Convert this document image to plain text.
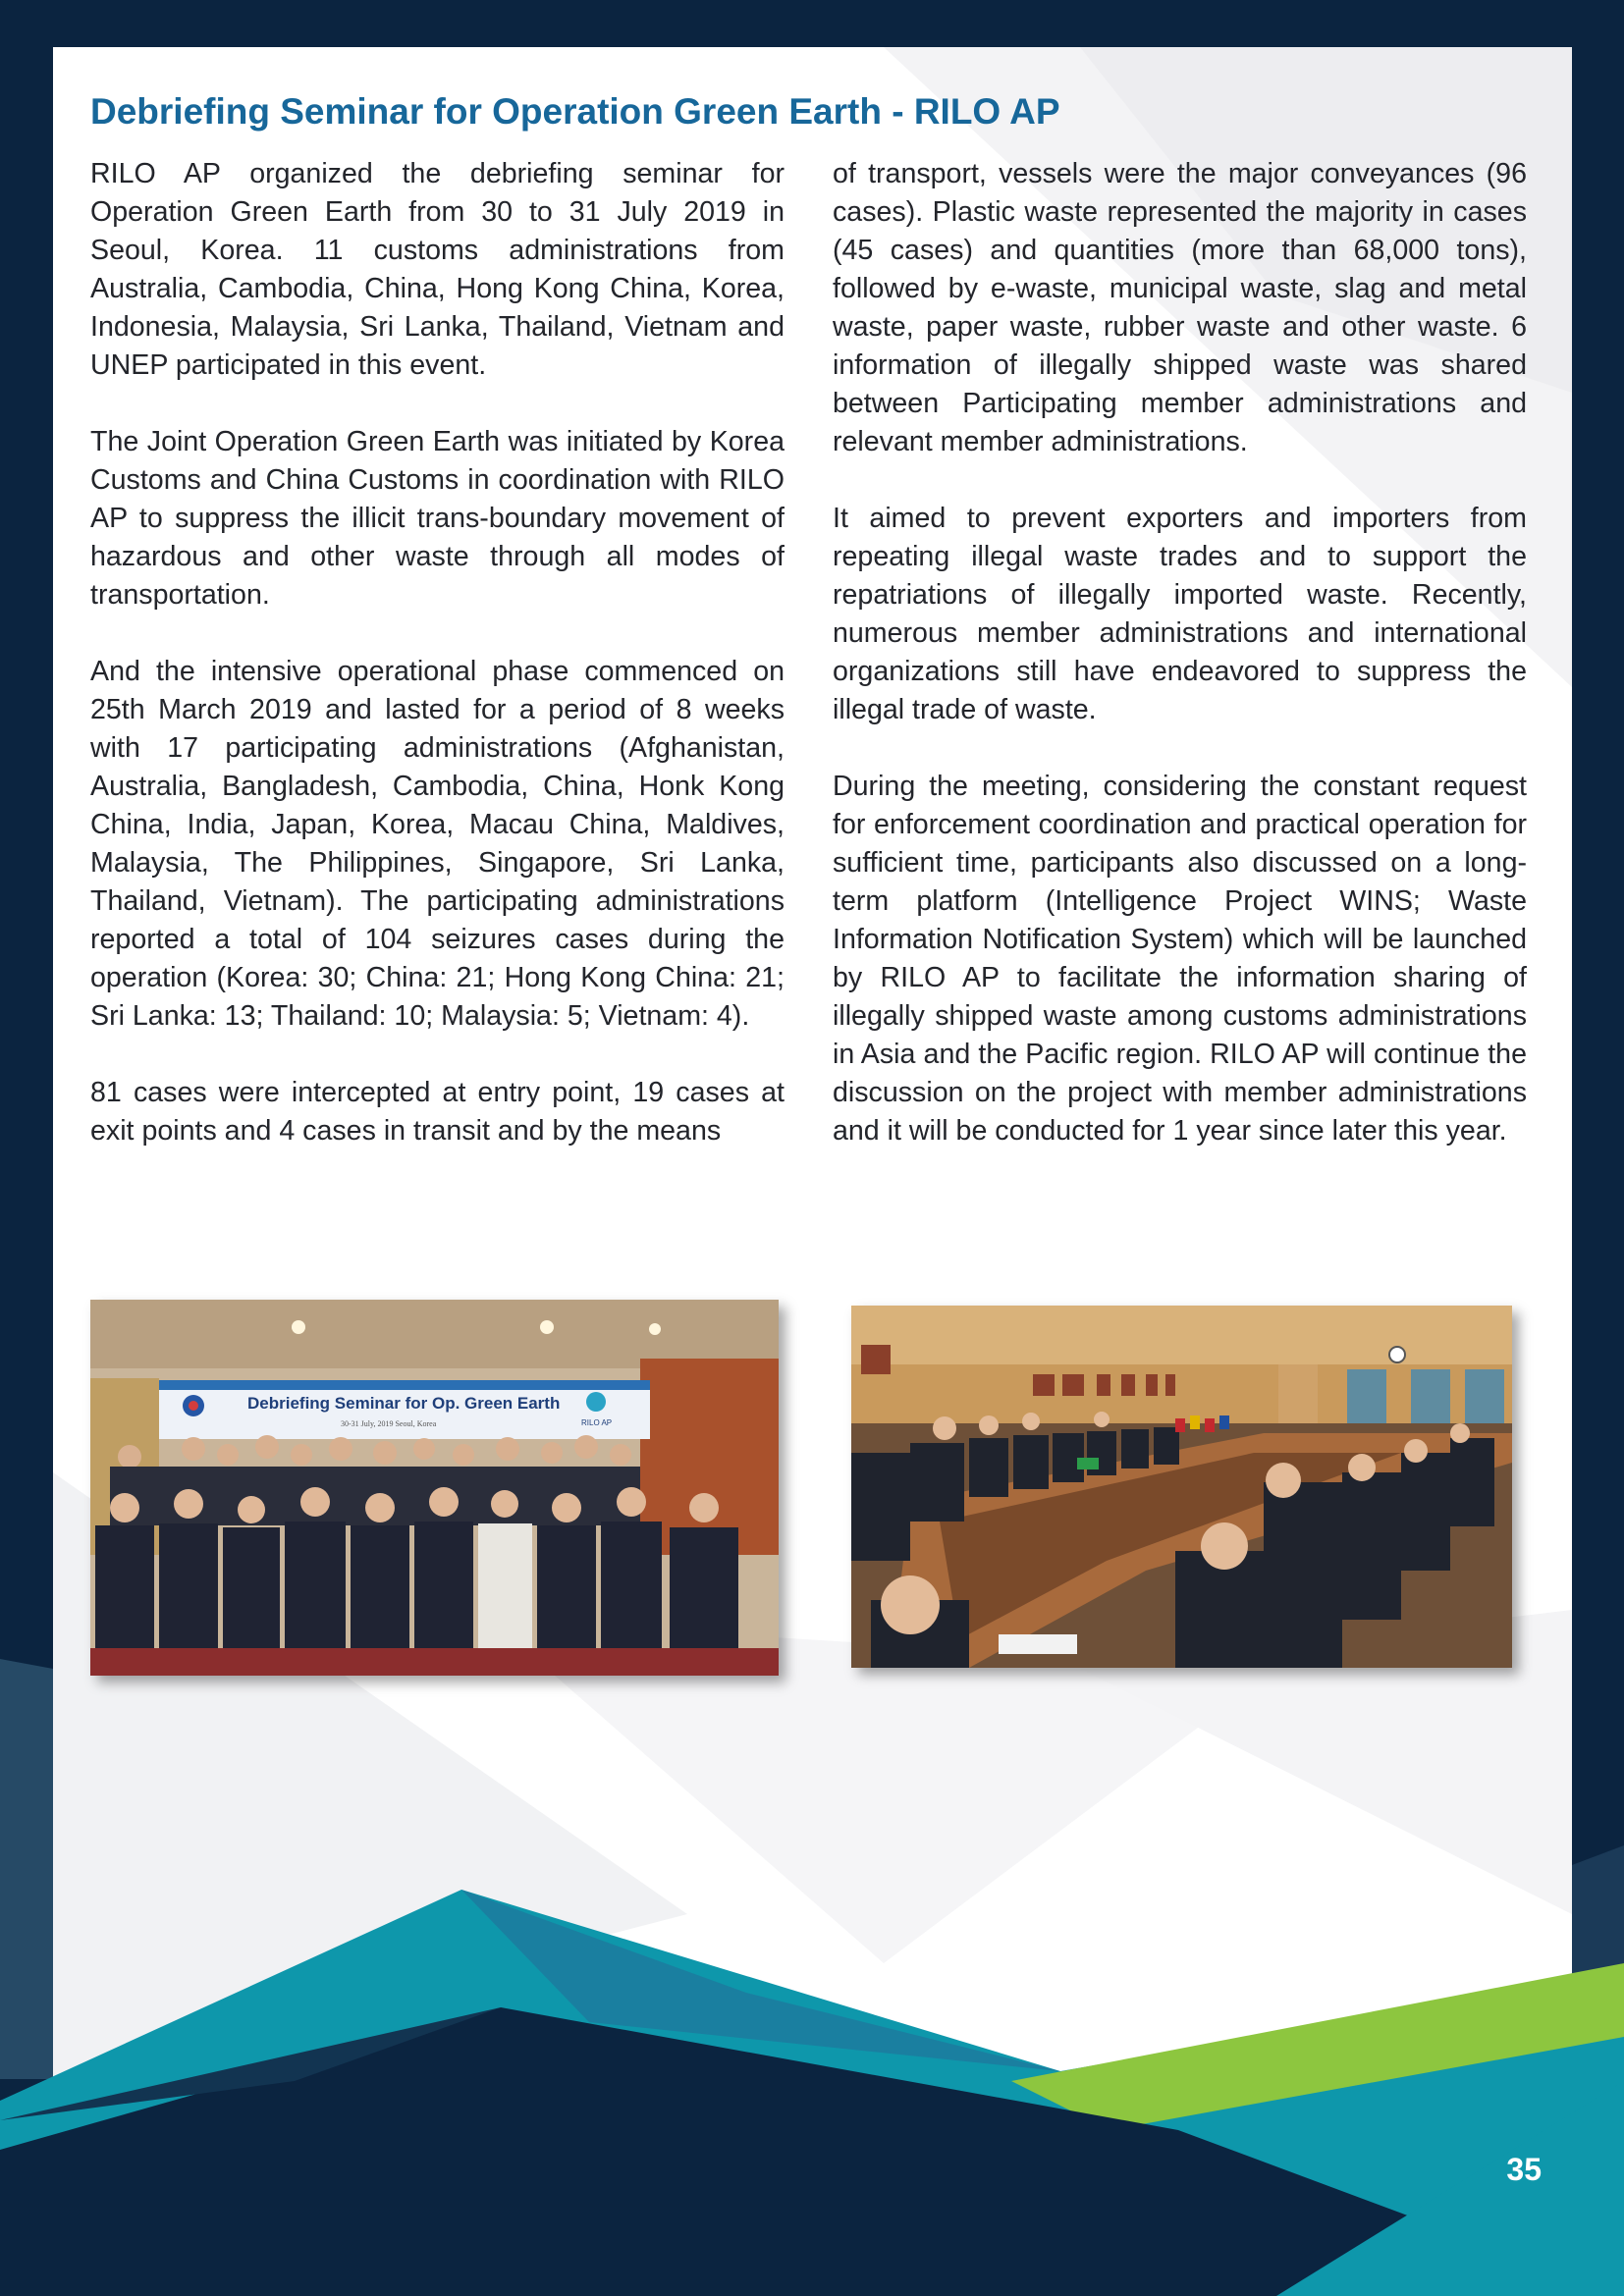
Debriefing Seminar for Operation Green Earth - RILO AP

RILO AP organized the debriefing seminar for Operation Green Earth from 30 to 31 July 2019 in Seoul, Korea. 11 customs administrations from Australia, Cambodia, China, Hong Kong China, Korea, Indonesia, Malaysia, Sri Lanka, Thailand, Vietnam and UNEP participated in this event.

The Joint Operation Green Earth was initiated by Korea Customs and China Customs in coordination with RILO AP to suppress the illicit trans-boundary movement of hazardous and other waste through all modes of transportation.

And the intensive operational phase commenced on 25th March 2019 and lasted for a period of 8 weeks with 17 participating administrations (Afghanistan, Australia, Bangladesh, Cambodia, China, Honk Kong China, India, Japan, Korea, Macau China, Maldives, Malaysia, The Philippines, Singapore, Sri Lanka, Thailand, Vietnam). The participating administrations reported a total of 104 seizures cases during the operation (Korea: 30; China: 21; Hong Kong China: 21; Sri Lanka: 13; Thailand: 10; Malaysia: 5; Vietnam: 4).

81 cases were intercepted at entry point, 19 cases at exit points and 4 cases in transit and by the means

of transport, vessels were the major conveyances (96 cases). Plastic waste represented the majority in cases (45 cases) and quantities (more than 68,000 tons), followed by e-waste, municipal waste, slag and metal waste, paper waste, rubber waste and other waste. 6 information of illegally shipped waste was shared between Participating member administrations and relevant member administrations.

It aimed to prevent exporters and importers from repeating illegal waste trades and to support the repatriations of illegally imported waste. Recently, numerous member administrations and international organizations still have endeavored to suppress the illegal trade of waste.

During the meeting, considering the constant request for enforcement coordination and practical operation for sufficient time, participants also discussed on a long-term platform (Intelligence Project WINS; Waste Information Notification System) which will be launched by RILO AP to facilitate the information sharing of illegally shipped waste among customs administrations in Asia and the Pacific region. RILO AP will continue the discussion on the project with member administrations and it will be conducted for 1 year since later this year.

Debriefing Seminar for Op. Green Earth
30-31 July, 2019 Seoul, Korea	RILO AP
35
